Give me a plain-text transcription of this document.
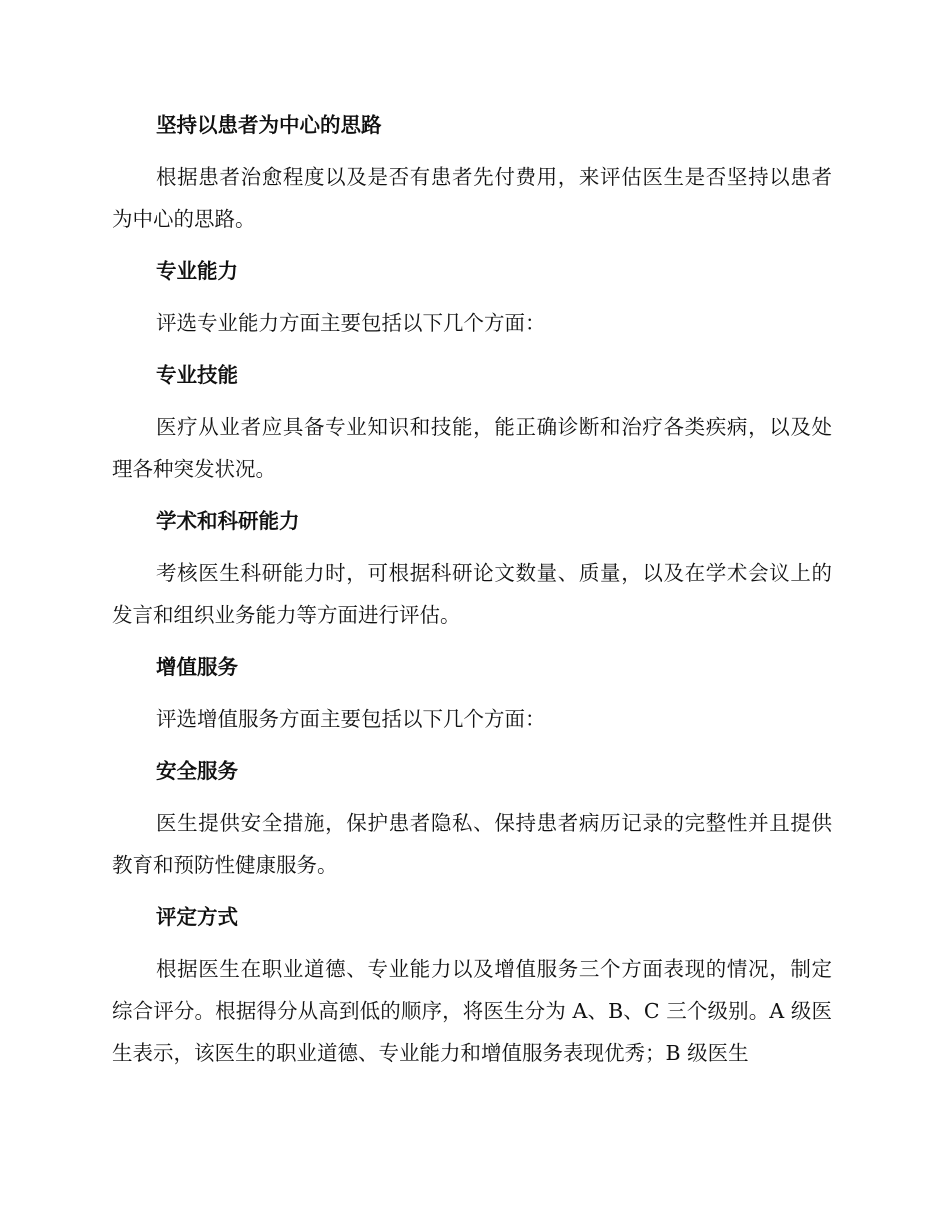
坚持以患者为中心的思路

根据患者治愈程度以及是否有患者先付费用，来评估医生是否坚持以患者为中心的思路。

专业能力

评选专业能力方面主要包括以下几个方面：

专业技能

医疗从业者应具备专业知识和技能，能正确诊断和治疗各类疾病，以及处理各种突发状况。

学术和科研能力

考核医生科研能力时，可根据科研论文数量、质量，以及在学术会议上的发言和组织业务能力等方面进行评估。

增值服务

评选增值服务方面主要包括以下几个方面：

安全服务

医生提供安全措施，保护患者隐私、保持患者病历记录的完整性并且提供教育和预防性健康服务。

评定方式

根据医生在职业道德、专业能力以及增值服务三个方面表现的情况，制定综合评分。根据得分从高到低的顺序，将医生分为 A、B、C 三个级别。A 级医生表示，该医生的职业道德、专业能力和增值服务表现优秀；B 级医生
